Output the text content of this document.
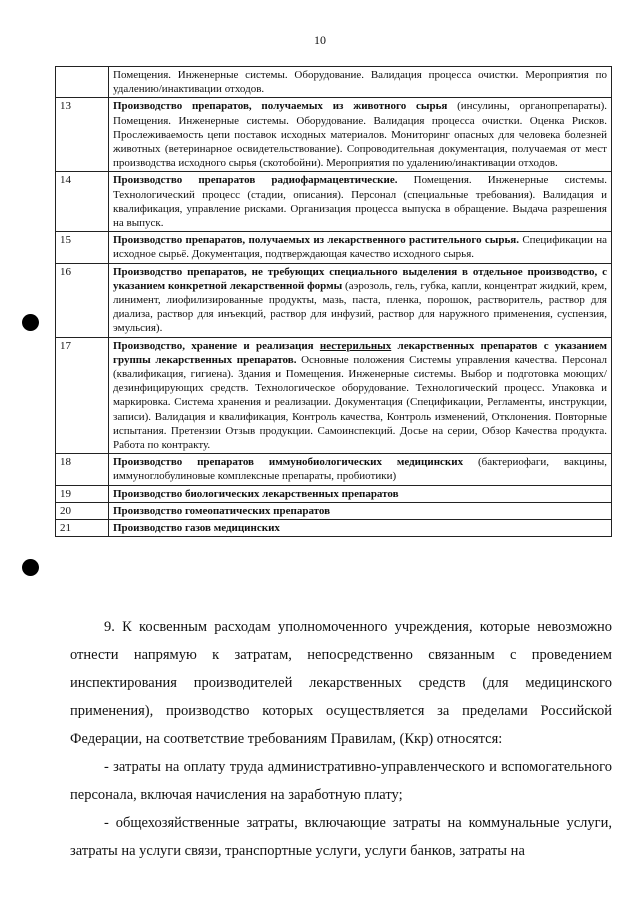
10
	Помещения. Инженерные системы. Оборудование. Валидация процесса очистки. Мероприятия по удалению/инактивации отходов.
13	Производство препаратов, получаемых из животного сырья (инсулины, органопрепараты). Помещения. Инженерные системы. Оборудование. Валидация процесса очистки. Оценка Рисков. Прослеживаемость цепи поставок исходных материалов. Мониторинг опасных для человека болезней животных (ветеринарное освидетельствование). Сопроводительная документация, получаемая от мест производства исходного сырья (скотобойни). Мероприятия по удалению/инактивации отходов.
14	Производство препаратов радиофармацевтические. Помещения. Инженерные системы. Технологический процесс (стадии, описания). Персонал (специальные требования). Валидация и квалификация, управление рисками. Организация процесса выпуска в обращение. Выдача разрешения на выпуск.
15	Производство препаратов, получаемых из лекарственного растительного сырья. Спецификации на исходное сырьё. Документация, подтверждающая качество исходного сырья.
16	Производство препаратов, не требующих специального выделения в отдельное производство, с указанием конкретной лекарственной формы (аэрозоль, гель, губка, капли, концентрат жидкий, крем, линимент, лиофилизированные продукты, мазь, паста, пленка, порошок, растворитель, раствор для диализа, раствор для инъекций, раствор для инфузий, раствор для наружного применения, суспензия, эмульсия).
17	Производство, хранение и реализация нестерильных лекарственных препаратов с указанием группы лекарственных препаратов. Основные положения Системы управления качества. Персонал (квалификация, гигиена). Здания и Помещения. Инженерные системы. Выбор и подготовка моющих/дезинфицирующих средств. Технологическое оборудование. Технологический процесс. Упаковка и маркировка. Система хранения и реализации. Документация (Спецификации, Регламенты, инструкции, записи). Валидация и квалификация, Контроль качества, Контроль изменений, Отклонения. Повторные испытания. Претензии Отзыв продукции. Самоинспекций. Досье на серии, Обзор Качества продукта. Работа по контракту.
18	Производство препаратов иммунобиологических медицинских (бактериофаги, вакцины, иммуноглобулиновые комплексные препараты, пробиотики)
19	Производство биологических лекарственных препаратов
20	Производство гомеопатических препаратов
21	Производство газов медицинских
9. К косвенным расходам уполномоченного учреждения, которые невозможно отнести напрямую к затратам, непосредственно связанным с проведением инспектирования производителей лекарственных средств (для медицинского применения), производство которых осуществляется за пределами Российской Федерации, на соответствие требованиям Правилам, (Ккр) относятся:
- затраты на оплату труда административно-управленческого и вспомогательного персонала, включая начисления на заработную плату;
- общехозяйственные затраты, включающие затраты на коммунальные услуги, затраты на услуги связи, транспортные услуги, услуги банков, затраты на
